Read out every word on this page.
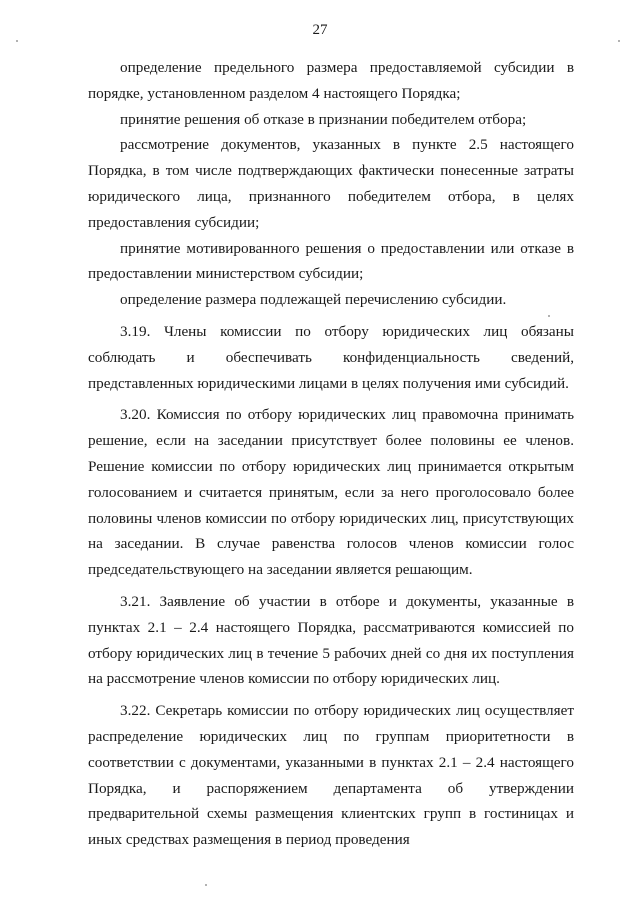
27

определение предельного размера предоставляемой субсидии в порядке, установленном разделом 4 настоящего Порядка;

принятие решения об отказе в признании победителем отбора;

рассмотрение документов, указанных в пункте 2.5 настоящего Порядка, в том числе подтверждающих фактически понесенные затраты юридического лица, признанного победителем отбора, в целях предоставления субсидии;

принятие мотивированного решения о предоставлении или отказе в предоставлении министерством субсидии;

определение размера подлежащей перечислению субсидии.

3.19. Члены комиссии по отбору юридических лиц обязаны соблюдать и обеспечивать конфиденциальность сведений, представленных юридическими лицами в целях получения ими субсидий.

3.20. Комиссия по отбору юридических лиц правомочна принимать решение, если на заседании присутствует более половины ее членов. Решение комиссии по отбору юридических лиц принимается открытым голосованием и считается принятым, если за него проголосовало более половины членов комиссии по отбору юридических лиц, присутствующих на заседании. В случае равенства голосов членов комиссии голос председательствующего на заседании является решающим.

3.21. Заявление об участии в отборе и документы, указанные в пунктах 2.1 – 2.4 настоящего Порядка, рассматриваются комиссией по отбору юридических лиц в течение 5 рабочих дней со дня их поступления на рассмотрение членов комиссии по отбору юридических лиц.

3.22. Секретарь комиссии по отбору юридических лиц осуществляет распределение юридических лиц по группам приоритетности в соответствии с документами, указанными в пунктах 2.1 – 2.4 настоящего Порядка, и распоряжением департамента об утверждении предварительной схемы размещения клиентских групп в гостиницах и иных средствах размещения в период проведения
